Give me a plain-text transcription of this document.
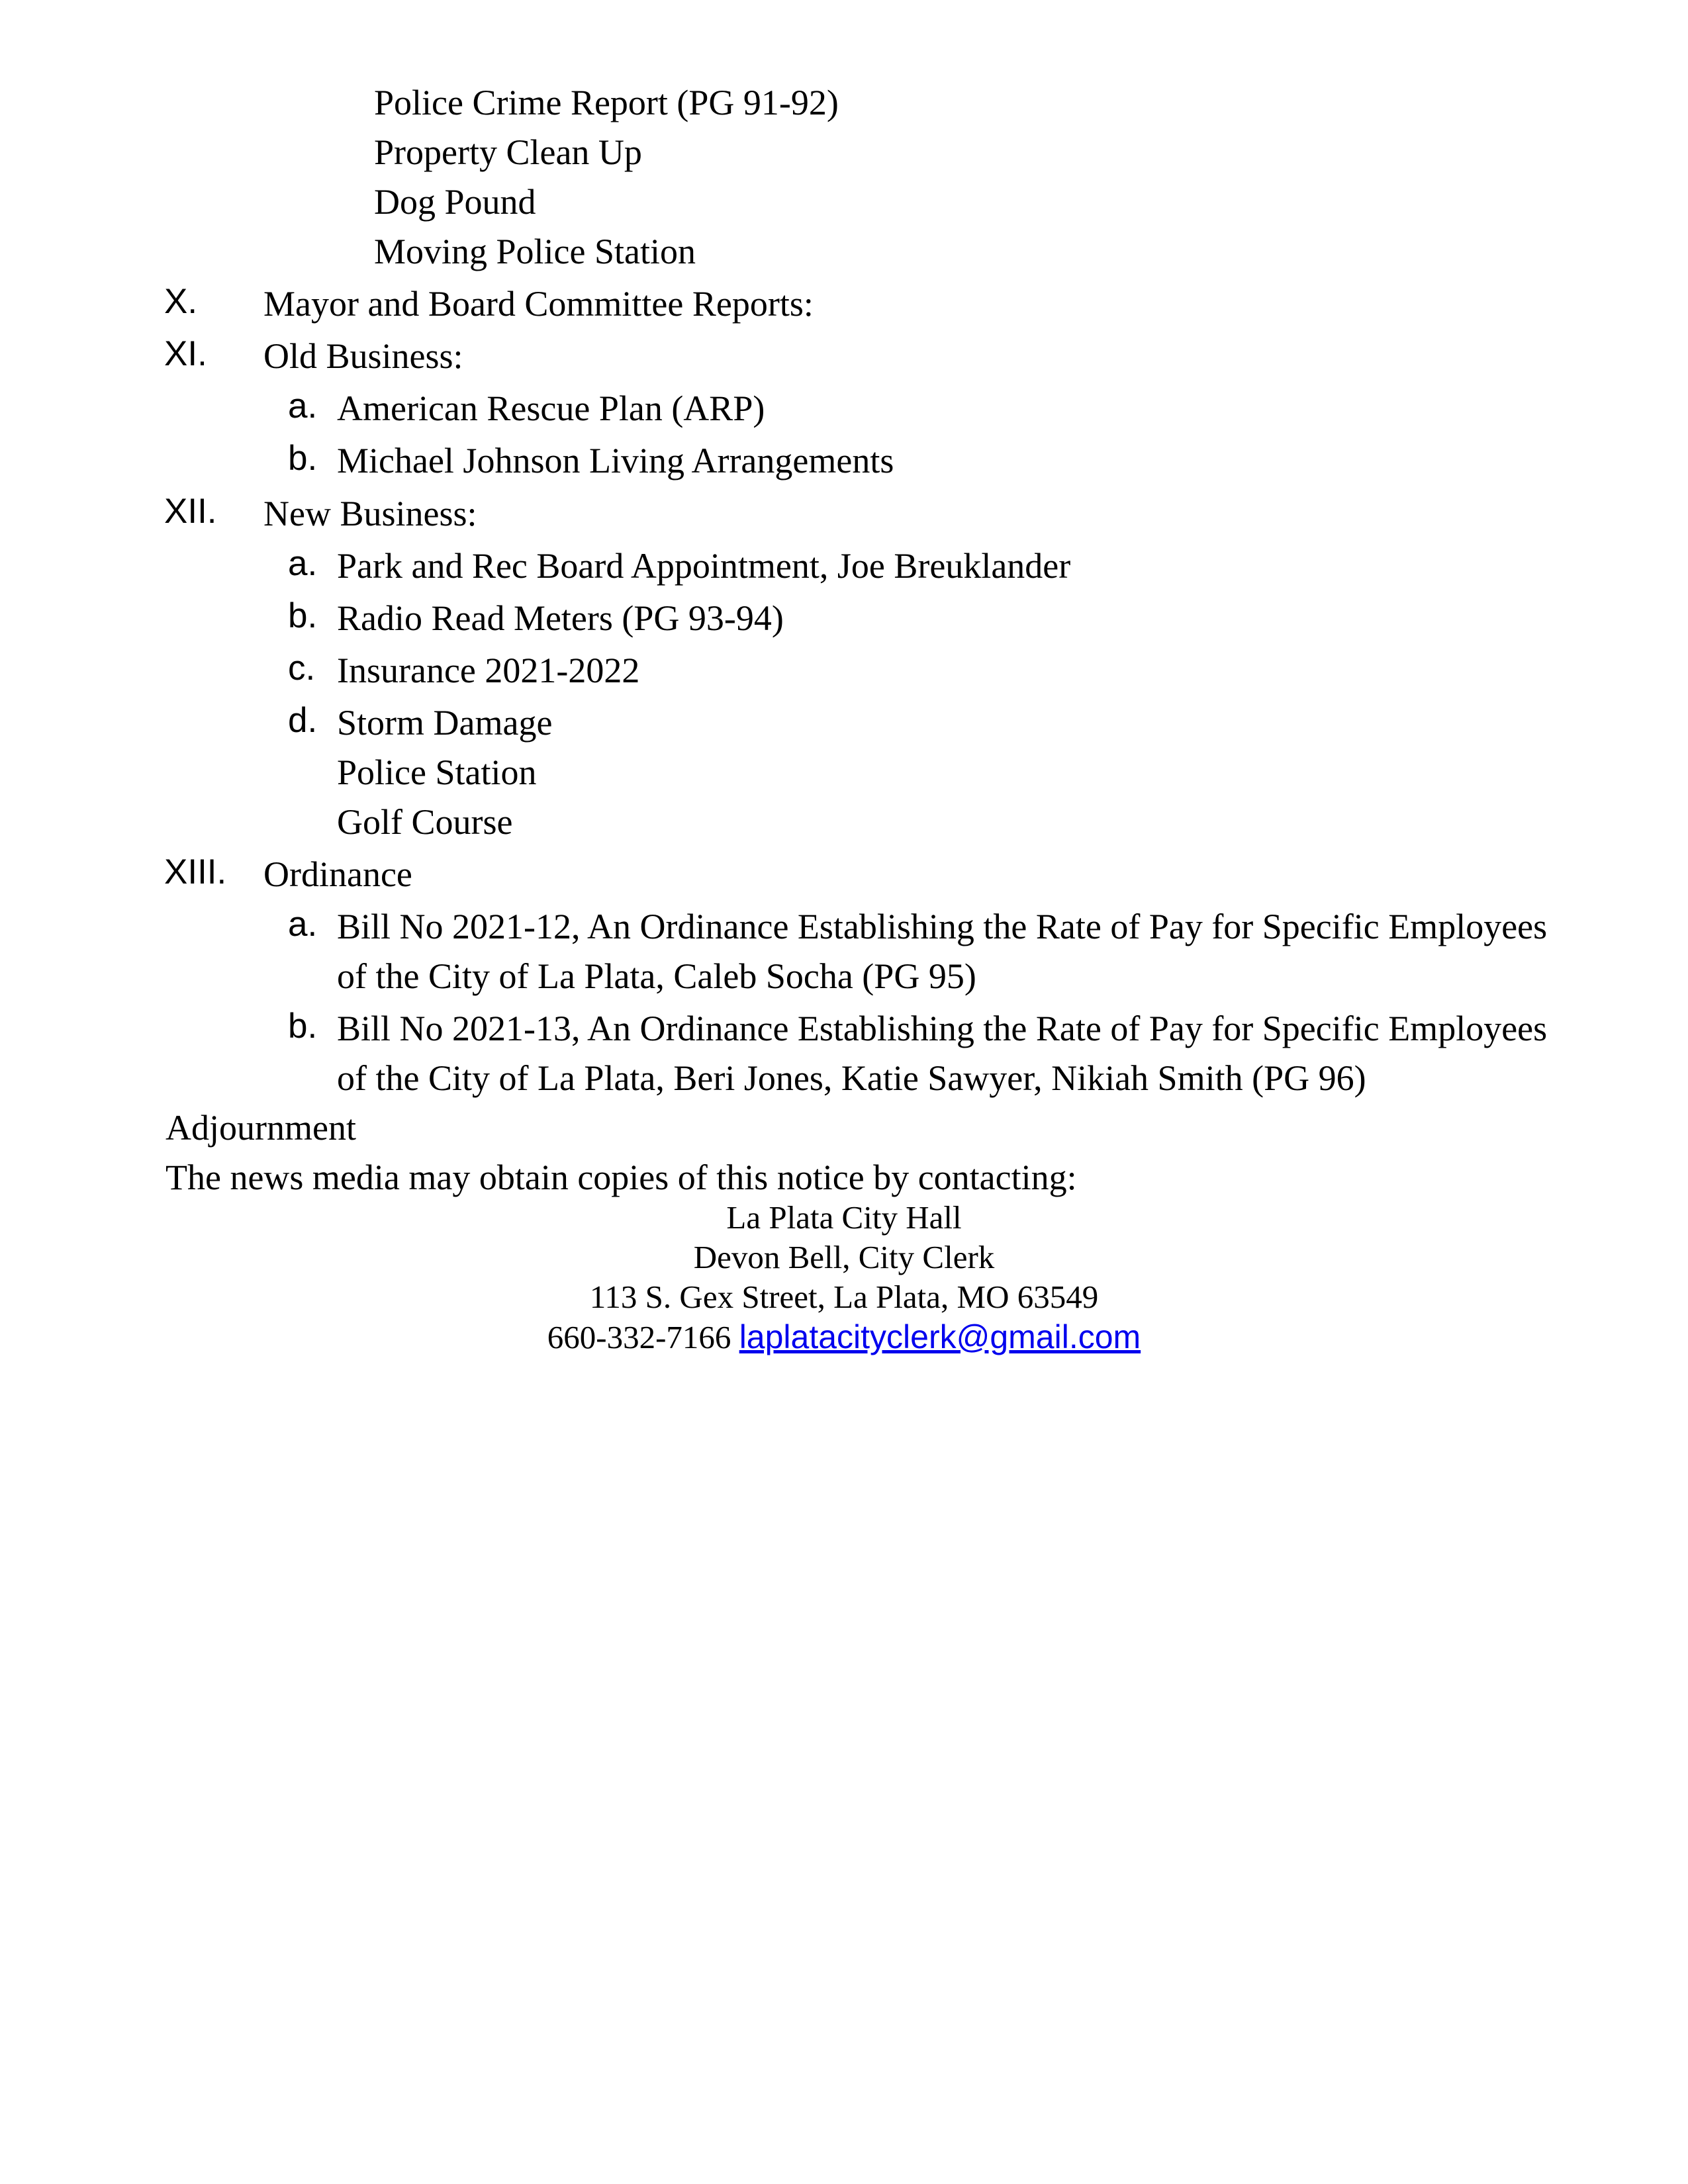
Police Crime Report (PG 91-92)
Property Clean Up
Dog Pound
Moving Police Station
X. Mayor and Board Committee Reports:
XI. Old Business:
a. American Rescue Plan (ARP)
b. Michael Johnson Living Arrangements
XII. New Business:
a. Park and Rec Board Appointment, Joe Breuklander
b. Radio Read Meters (PG 93-94)
c. Insurance 2021-2022
d. Storm Damage
Police Station
Golf Course
XIII. Ordinance
a. Bill No 2021-12, An Ordinance Establishing the Rate of Pay for Specific Employees
of the City of La Plata, Caleb Socha (PG 95)
b. Bill No 2021-13, An Ordinance Establishing the Rate of Pay for Specific Employees
of the City of La Plata, Beri Jones, Katie Sawyer, Nikiah Smith (PG 96)
Adjournment
The news media may obtain copies of this notice by contacting:
La Plata City Hall
Devon Bell, City Clerk
113 S. Gex Street, La Plata, MO 63549
660-332-7166 laplatacityclerk@gmail.com
